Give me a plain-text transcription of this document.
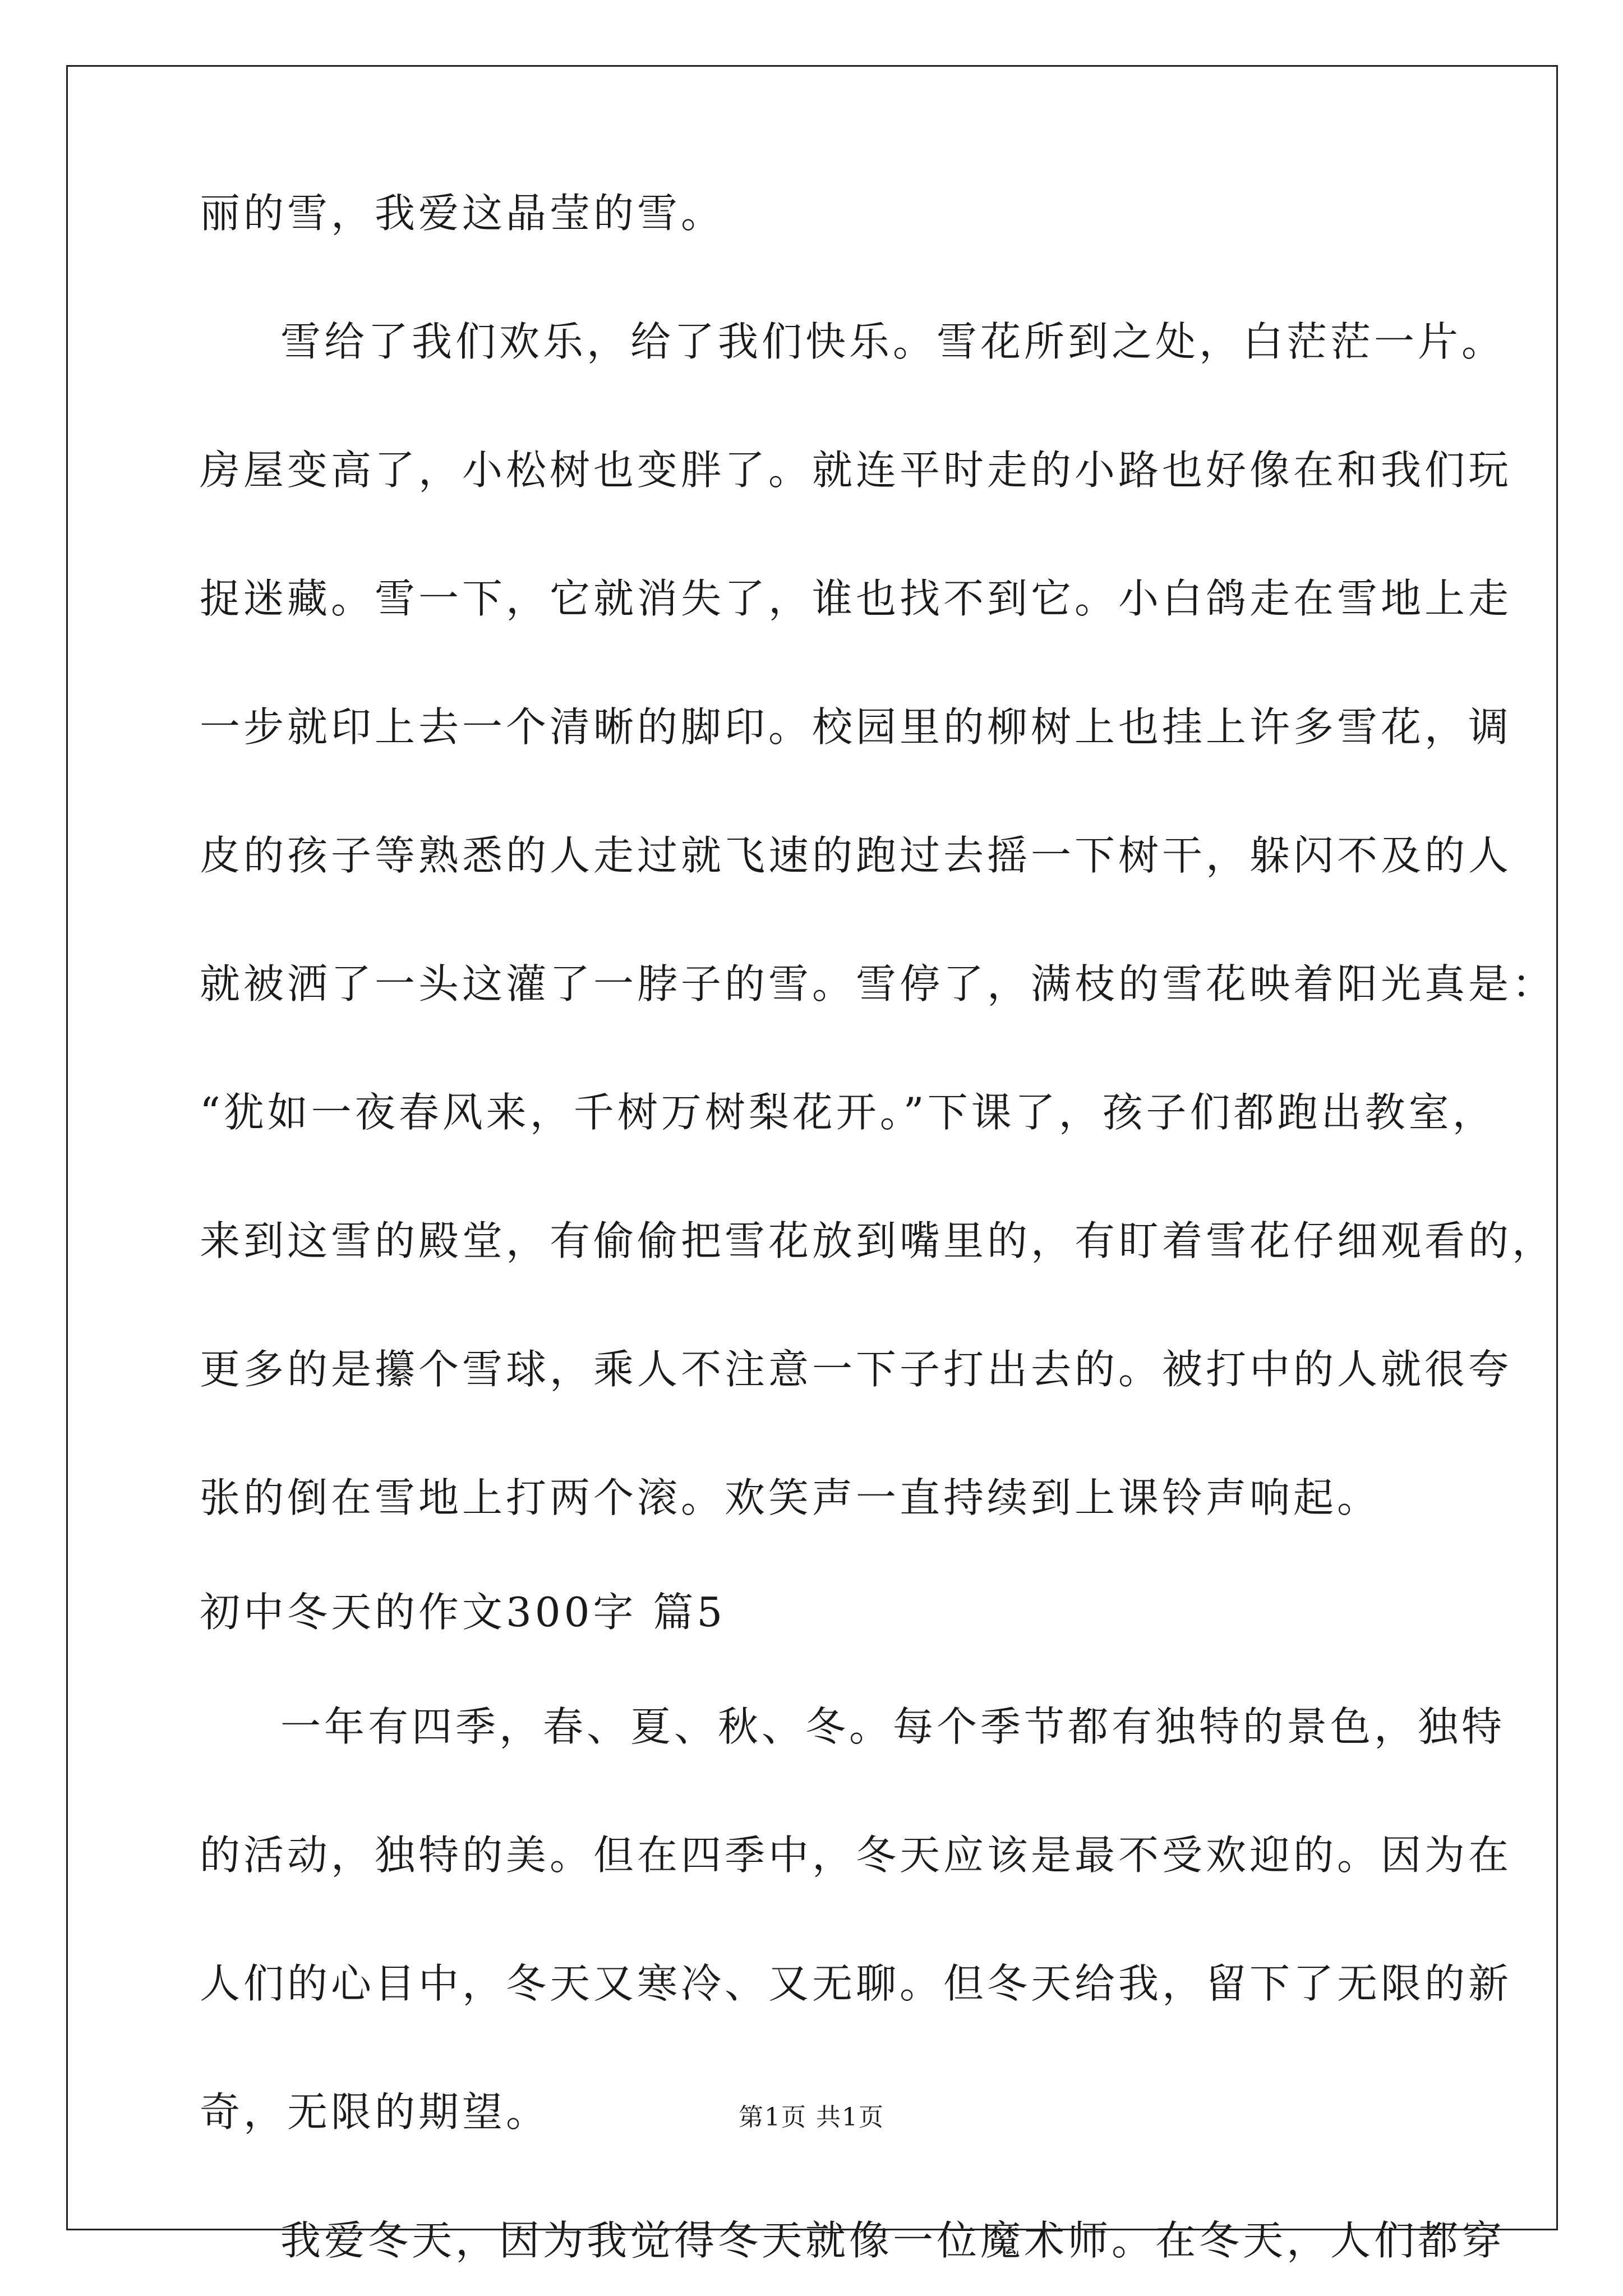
丽的雪，我爱这晶莹的雪。
雪给了我们欢乐，给了我们快乐。雪花所到之处，白茫茫一片。
房屋变高了，小松树也变胖了。就连平时走的小路也好像在和我们玩
捉迷藏。雪一下，它就消失了，谁也找不到它。小白鸽走在雪地上走
一步就印上去一个清晰的脚印。校园里的柳树上也挂上许多雪花，调
皮的孩子等熟悉的人走过就飞速的跑过去摇一下树干，躲闪不及的人
就被洒了一头这灌了一脖子的雪。雪停了，满枝的雪花映着阳光真是：
“犹如一夜春风来，千树万树梨花开。”下课了，孩子们都跑出教室，
来到这雪的殿堂，有偷偷把雪花放到嘴里的，有盯着雪花仔细观看的，
更多的是攥个雪球，乘人不注意一下子打出去的。被打中的人就很夸
张的倒在雪地上打两个滚。欢笑声一直持续到上课铃声响起。
初中冬天的作文300字 篇5
一年有四季，春、夏、秋、冬。每个季节都有独特的景色，独特
的活动，独特的美。但在四季中，冬天应该是最不受欢迎的。因为在
人们的心目中，冬天又寒冷、又无聊。但冬天给我，留下了无限的新
奇，无限的期望。
我爱冬天，因为我觉得冬天就像一位魔术师。在冬天，人们都穿
第1页 共1页
